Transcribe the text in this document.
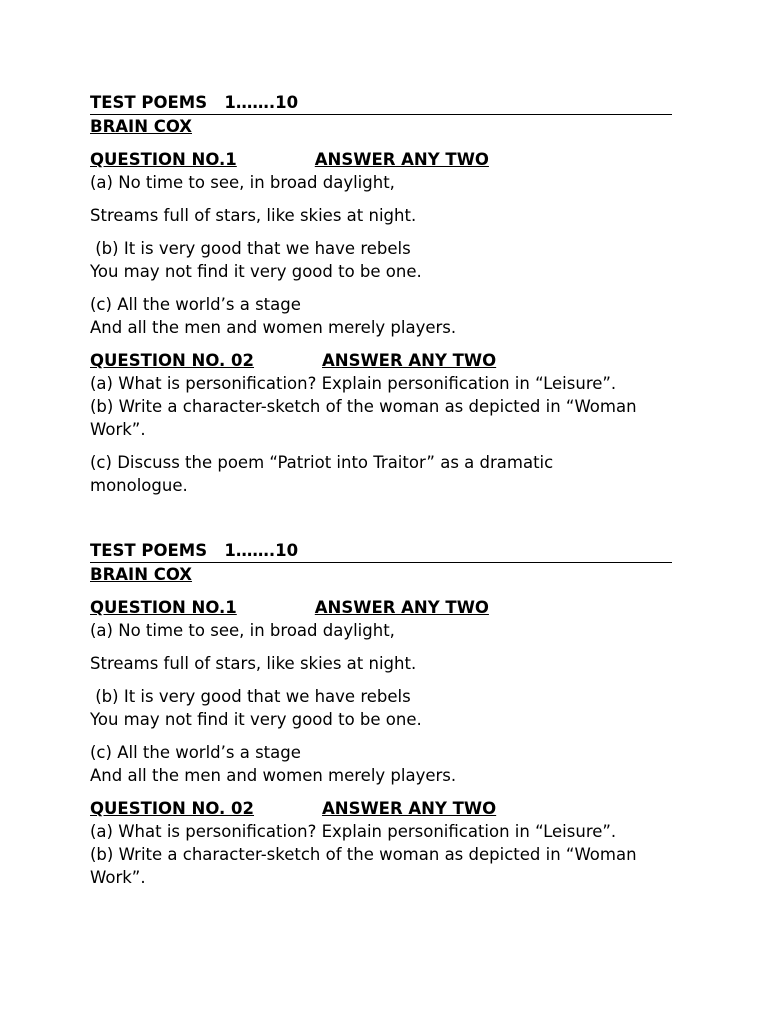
TEST POEMS 1…….10
BRAIN COX
QUESTION NO.1	ANSWER ANY TWO
(a) No time to see, in broad daylight,
Streams full of stars, like skies at night.
(b) It is very good that we have rebels
You may not find it very good to be one.
(c) All the world’s a stage
And all the men and women merely players.
QUESTION NO. 02	ANSWER ANY TWO
(a) What is personification? Explain personification in “Leisure”.
(b) Write a character-sketch of the woman as depicted in “Woman
Work”.
(c) Discuss the poem “Patriot into Traitor” as a dramatic
monologue.
TEST POEMS 1…….10
BRAIN COX
QUESTION NO.1	ANSWER ANY TWO
(a) No time to see, in broad daylight,
Streams full of stars, like skies at night.
(b) It is very good that we have rebels
You may not find it very good to be one.
(c) All the world’s a stage
And all the men and women merely players.
QUESTION NO. 02	ANSWER ANY TWO
(a) What is personification? Explain personification in “Leisure”.
(b) Write a character-sketch of the woman as depicted in “Woman
Work”.
